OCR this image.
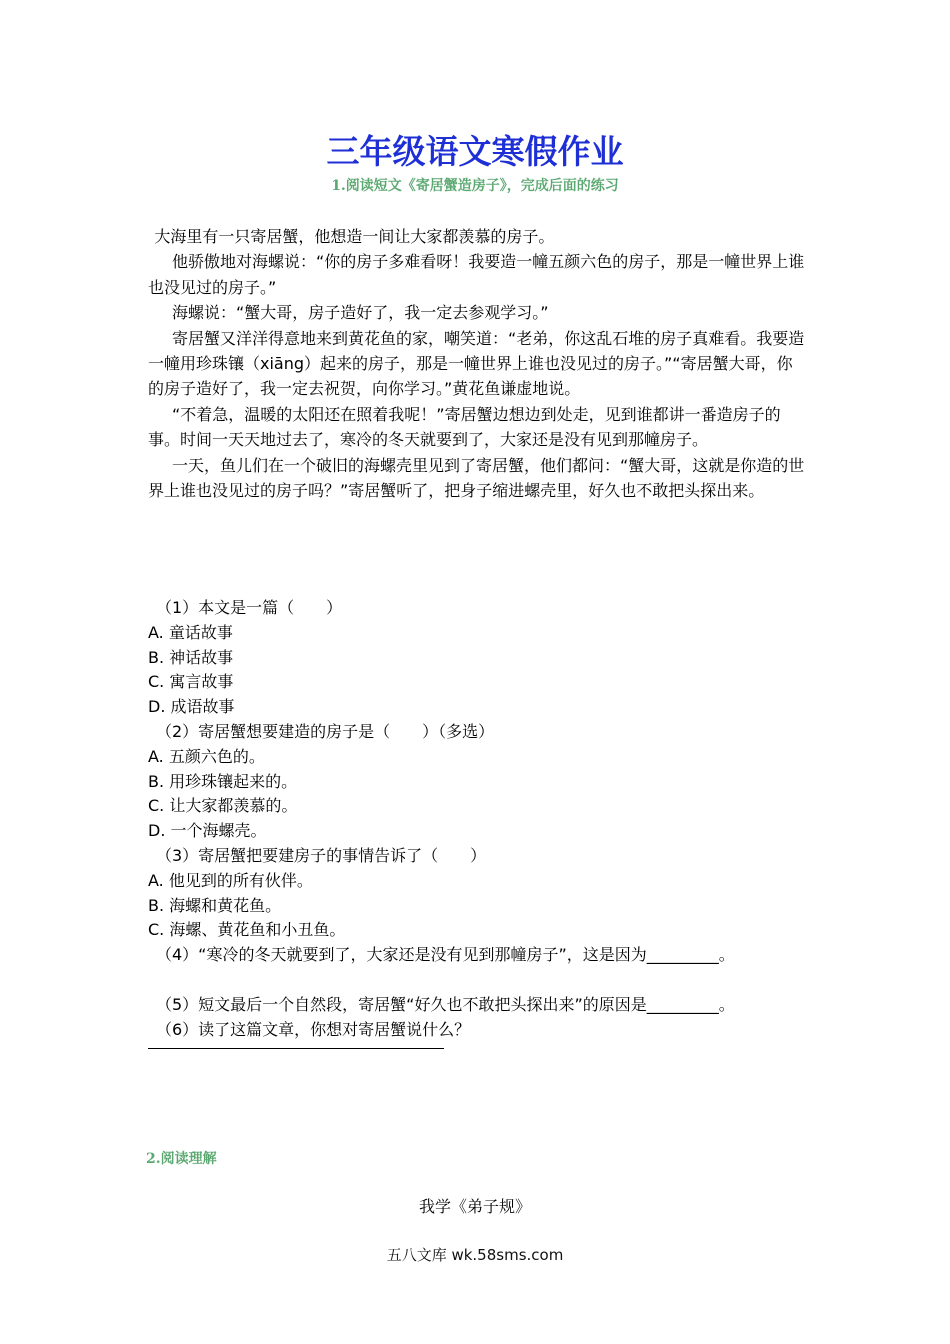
三年级语文寒假作业
1.阅读短文《寄居蟹造房子》，完成后面的练习

大海里有一只寄居蟹，他想造一间让大家都羡慕的房子。

他骄傲地对海螺说：“你的房子多难看呀！我要造一幢五颜六色的房子，那是一幢世界上谁也没见过的房子。”

海螺说：“蟹大哥，房子造好了，我一定去参观学习。”

寄居蟹又洋洋得意地来到黄花鱼的家，嘲笑道：“老弟，你这乱石堆的房子真难看。我要造一幢用珍珠镶（xiāng）起来的房子，那是一幢世界上谁也没见过的房子。”“寄居蟹大哥，你的房子造好了，我一定去祝贺，向你学习。”黄花鱼谦虚地说。

“不着急，温暖的太阳还在照着我呢！”寄居蟹边想边到处走，见到谁都讲一番造房子的事。时间一天天地过去了，寒冷的冬天就要到了，大家还是没有见到那幢房子。

一天，鱼儿们在一个破旧的海螺壳里见到了寄居蟹，他们都问：“蟹大哥，这就是你造的世界上谁也没见过的房子吗？”寄居蟹听了，把身子缩进螺壳里，好久也不敢把头探出来。

（1）本文是一篇（　　）
A. 童话故事
B. 神话故事
C. 寓言故事
D. 成语故事
（2）寄居蟹想要建造的房子是（　　）（多选）
A. 五颜六色的。
B. 用珍珠镶起来的。
C. 让大家都羡慕的。
D. 一个海螺壳。
（3）寄居蟹把要建房子的事情告诉了（　　）
A. 他见到的所有伙伴。
B. 海螺和黄花鱼。
C. 海螺、黄花鱼和小丑鱼。
（4）“寒冷的冬天就要到了，大家还是没有见到那幢房子”，这是因为_________。
（5）短文最后一个自然段，寄居蟹“好久也不敢把头探出来”的原因是_________。
（6）读了这篇文章，你想对寄居蟹说什么？
2.阅读理解
我学《弟子规》
五八文库 wk.58sms.com
